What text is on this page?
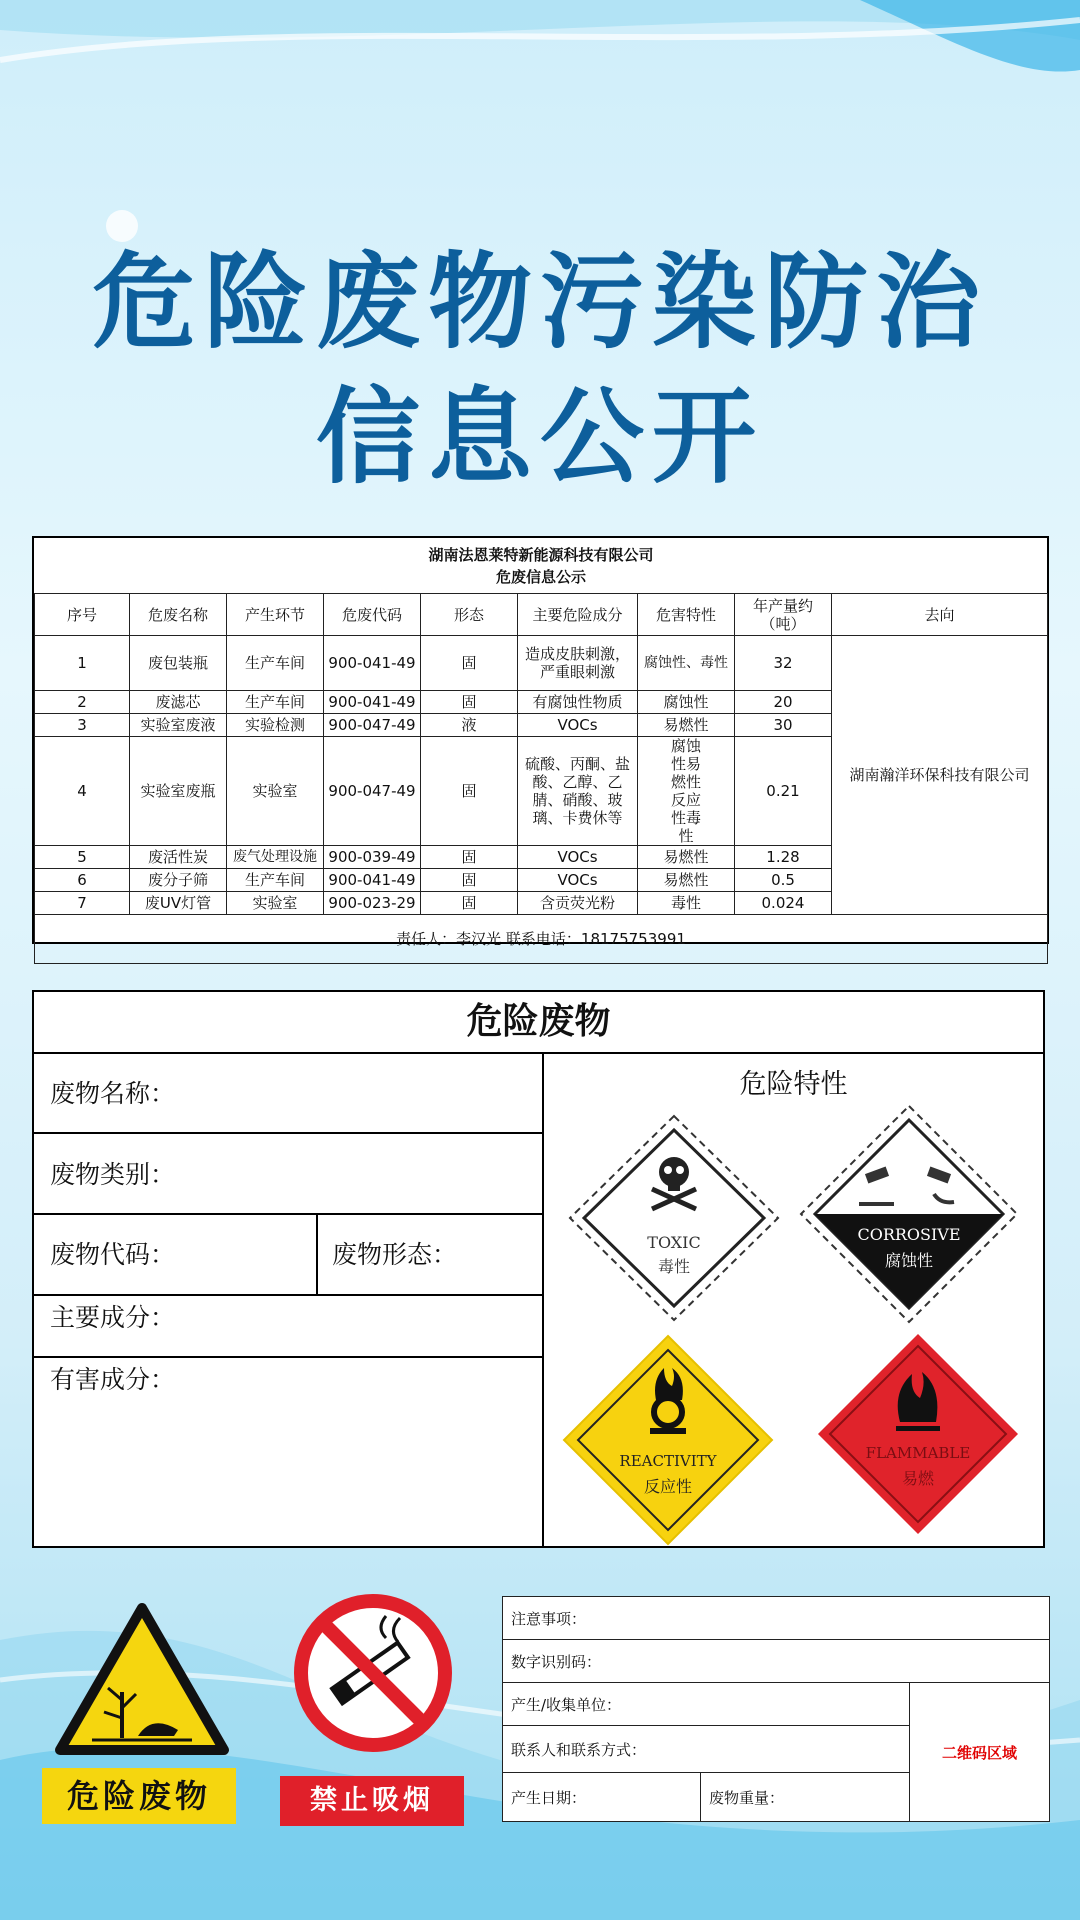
危险废物污染防治
信息公开
湖南法恩莱特新能源科技有限公司
危废信息公示								

序号	危废名称	产生环节	危废代码	形态	主要危险成分	危害特性	年产量约（吨）	去向
1	废包装瓶	生产车间	900-041-49	固	造成皮肤刺激，严重眼刺激	腐蚀性、毒性	32	湖南瀚洋环保科技有限公司
2	废滤芯	生产车间	900-041-49	固	有腐蚀性物质	腐蚀性	20	
3	实验室废液	实验检测	900-047-49	液	VOCs	易燃性	30	
4	实验室废瓶	实验室	900-047-49	固	硫酸、丙酮、盐酸、乙醇、乙腈、硝酸、玻璃、卡费休等	腐蚀性易燃性反应性毒性	0.21	
5	废活性炭	废气处理设施	900-039-49	固	VOCs	易燃性	1.28	
6	废分子筛	生产车间	900-041-49	固	VOCs	易燃性	0.5	
7	废UV灯管	实验室	900-023-29	固	含贡荧光粉	毒性	0.024	
责任人：李汉光 联系电话：18175753991								
危险废物
废物名称：
废物类别：
废物代码：	废物形态：
主要成分：
有害成分：
危险特性
TOXIC
毒性
CORROSIVE
腐蚀性
REACTIVITY
反应性
FLAMMABLE
易燃
危险废物	禁止吸烟
注意事项：
数字识别码：
产生/收集单位：
联系人和联系方式：
产生日期：	废物重量：
二维码区域
